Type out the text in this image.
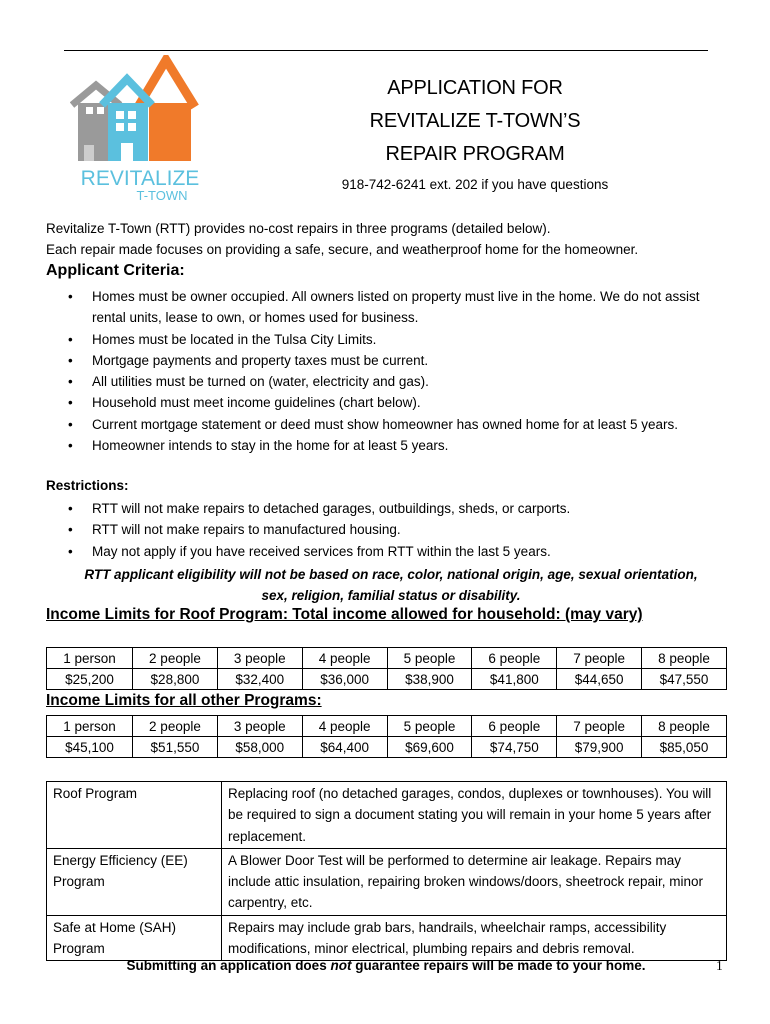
REVITALIZE
T-TOWN
APPLICATION FOR
REVITALIZE T-TOWN’S
REPAIR PROGRAM
918-742-6241 ext. 202 if you have questions
Revitalize T-Town (RTT) provides no-cost repairs in three programs (detailed below).
Each repair made focuses on providing a safe, secure, and weatherproof home for the homeowner.
Applicant Criteria:
• Homes must be owner occupied. All owners listed on property must live in the home. We do not assist rental units, lease to own, or homes used for business.
• Homes must be located in the Tulsa City Limits.
• Mortgage payments and property taxes must be current.
• All utilities must be turned on (water, electricity and gas).
• Household must meet income guidelines (chart below).
• Current mortgage statement or deed must show homeowner has owned home for at least 5 years.
• Homeowner intends to stay in the home for at least 5 years.
Restrictions:
• RTT will not make repairs to detached garages, outbuildings, sheds, or carports.
• RTT will not make repairs to manufactured housing.
• May not apply if you have received services from RTT within the last 5 years.
RTT applicant eligibility will not be based on race, color, national origin, age, sexual orientation,
sex, religion, familial status or disability.
Income Limits for Roof Program: Total income allowed for household: (may vary)
1 person	2 people	3 people	4 people	5 people	6 people	7 people	8 people
$25,200	$28,800	$32,400	$36,000	$38,900	$41,800	$44,650	$47,550
Income Limits for all other Programs:
1 person	2 people	3 people	4 people	5 people	6 people	7 people	8 people
$45,100	$51,550	$58,000	$64,400	$69,600	$74,750	$79,900	$85,050
Roof Program	Replacing roof (no detached garages, condos, duplexes or townhouses). You will be required to sign a document stating you will remain in your home 5 years after replacement.
Energy Efficiency (EE) Program	A Blower Door Test will be performed to determine air leakage. Repairs may include attic insulation, repairing broken windows/doors, sheetrock repair, minor carpentry, etc.
Safe at Home (SAH) Program	Repairs may include grab bars, handrails, wheelchair ramps, accessibility modifications, minor electrical, plumbing repairs and debris removal.
Submitting an application does not guarantee repairs will be made to your home.	1
